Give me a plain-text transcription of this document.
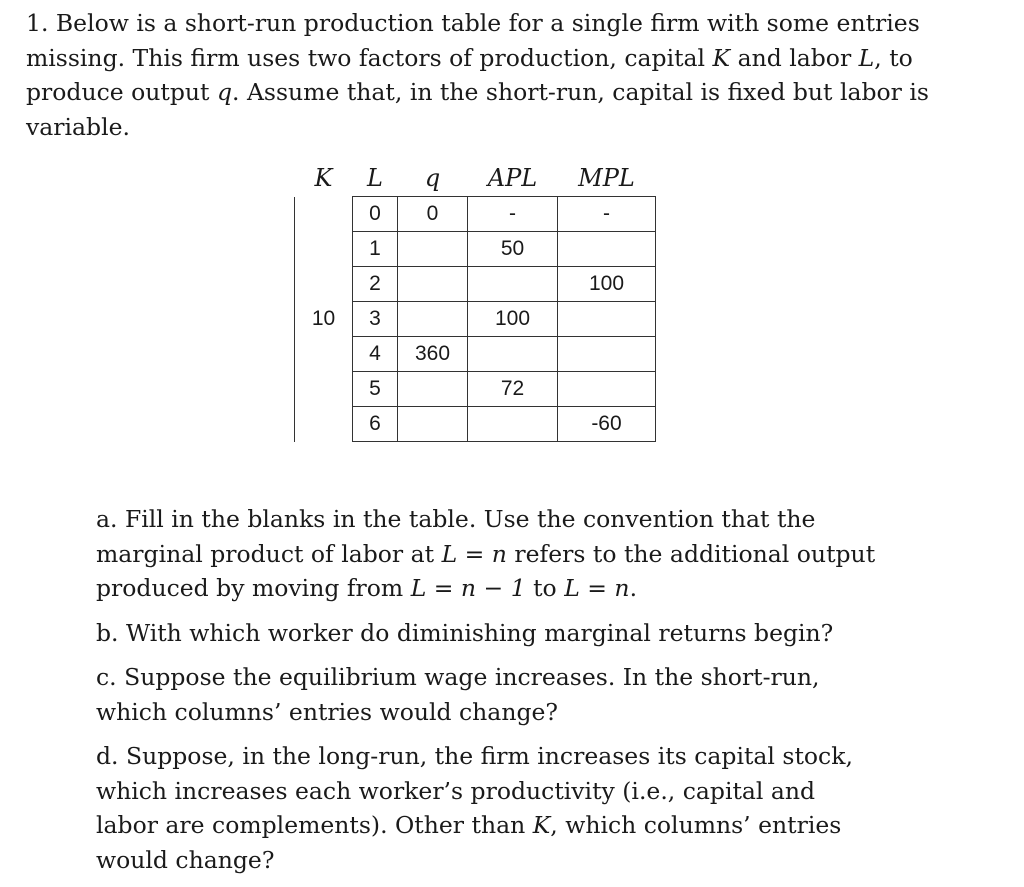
1. Below is a short-run production table for a single firm with some entries missing. This firm uses two factors of production, capital K and labor L, to produce output q. Assume that, in the short-run, capital is fixed but labor is variable.

K	L	q	APL	MPL
10	0	0	-	-
	1		50	
	2			100
	3		100	
	4	360		
	5		72	
	6			-60

a. Fill in the blanks in the table. Use the convention that the marginal product of labor at L = n refers to the additional output produced by moving from L = n − 1 to L = n.

b. With which worker do diminishing marginal returns begin?

c. Suppose the equilibrium wage increases. In the short-run, which columns’ entries would change?

d. Suppose, in the long-run, the firm increases its capital stock, which increases each worker’s productivity (i.e., capital and labor are complements). Other than K, which columns’ entries would change?
